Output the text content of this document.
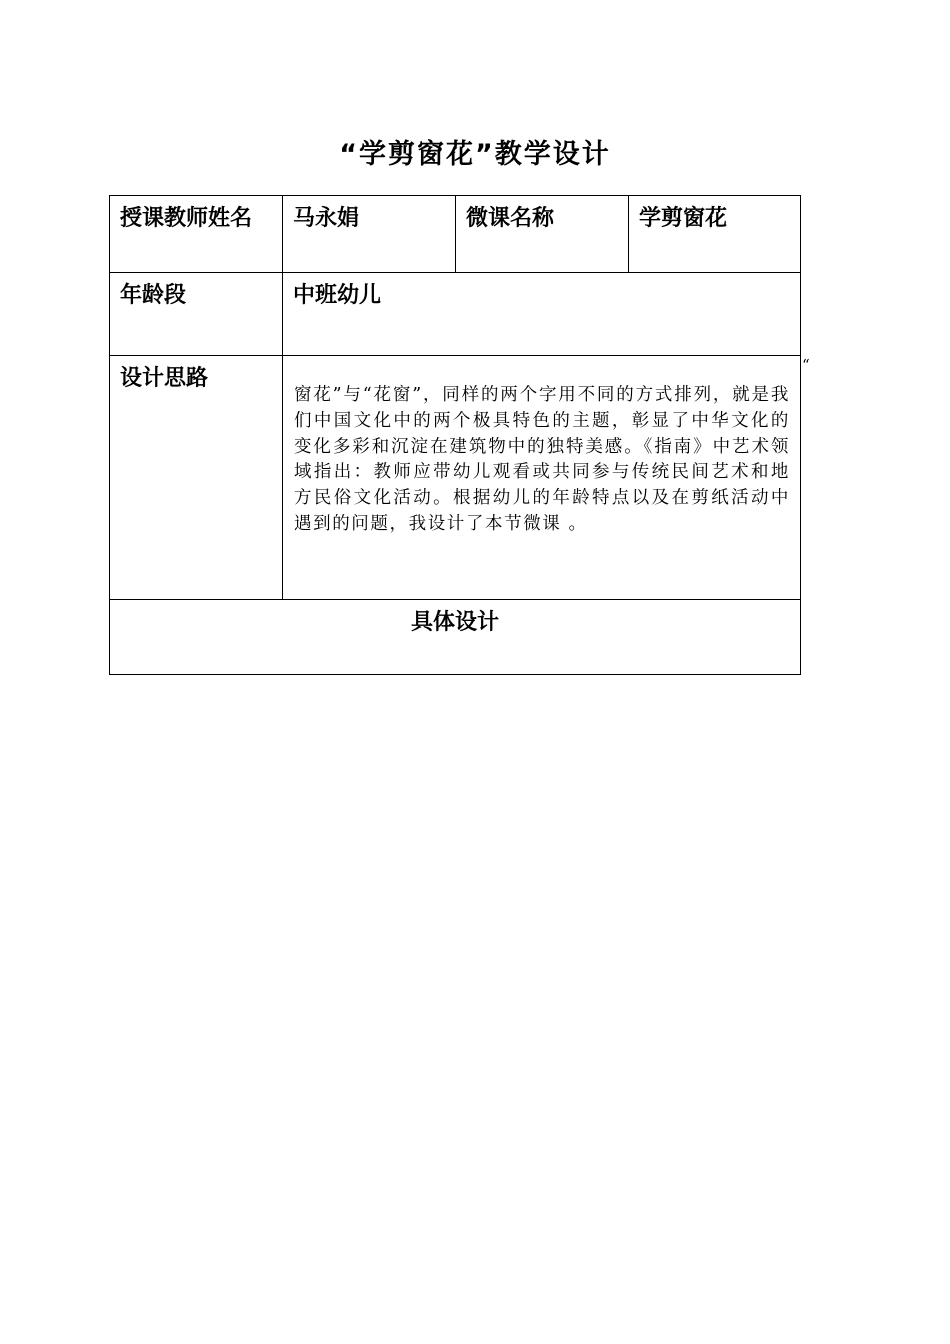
“学剪窗花”教学设计
授课教师姓名	马永娟	微课名称	学剪窗花
年龄段	中班幼儿		
设计思路	窗花”与“花窗”，同样的两个字用不同的方式排列，就是我们中国文化中的两个极具特色的主题，彰显了中华文化的变化多彩和沉淀在建筑物中的独特美感。《指南》中艺术领域指出：教师应带幼儿观看或共同参与传统民间艺术和地方民俗文化活动。根据幼儿的年龄特点以及在剪纸活动中遇到的问题，我设计了本节微课 。		
具体设计			
“
